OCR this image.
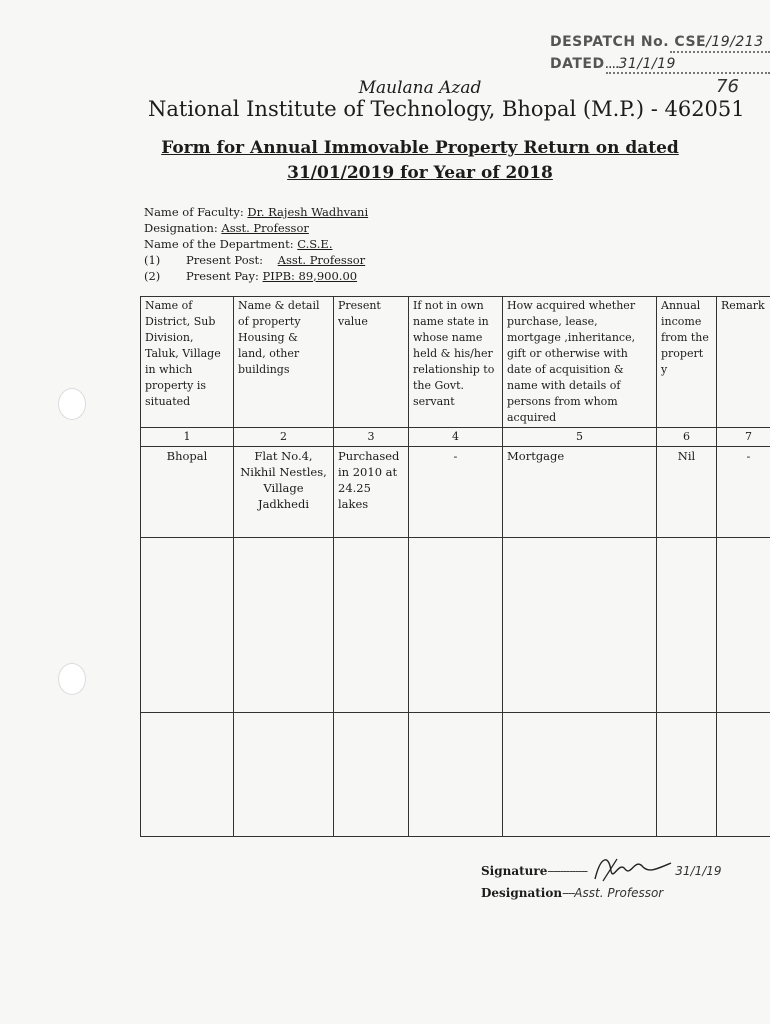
DESPATCH No. CSE/19/213
DATED....31/1/19
76
Maulana Azad
National Institute of Technology, Bhopal (M.P.) - 462051
Form for Annual Immovable Property Return on dated
31/01/2019 for Year of 2018
Name of Faculty: Dr. Rajesh Wadhvani
Designation: Asst. Professor
Name of the Department: C.S.E.
(1) Present Post: Asst. Professor
(2) Present Pay: PIPB: 89,900.00
Name of District, Sub Division, Taluk, Village in which property is situated	Name & detail of property Housing & land, other buildings	Present value	If not in own name state in whose name held & his/her relationship to the Govt. servant	How acquired whether purchase, lease, mortgage ,inheritance, gift or otherwise with date of acquisition & name with details of persons from whom acquired	Annual income from the propert y	Remark
1	2	3	4	5	6	7
Bhopal	Flat No.4, Nikhil Nestles, Village Jadkhedi	Purchased in 2010 at 24.25 lakes	-	Mortgage	Nil	-

Signature-------------	31/1/19
Designation----Asst. Professor
